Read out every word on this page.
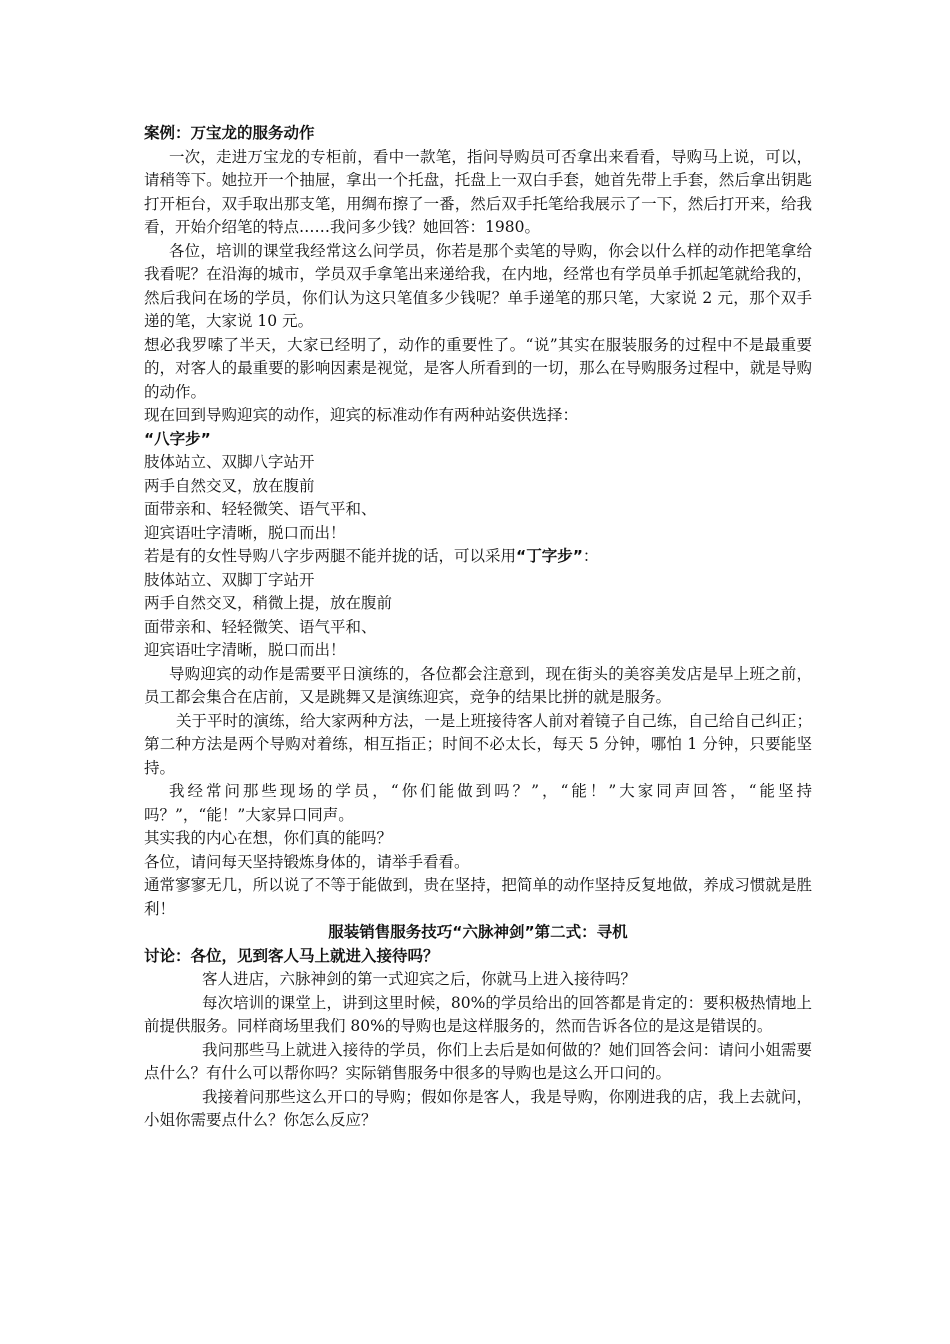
案例：万宝龙的服务动作

一次，走进万宝龙的专柜前，看中一款笔，指问导购员可否拿出来看看，导购马上说，可以，请稍等下。她拉开一个抽屉，拿出一个托盘，托盘上一双白手套，她首先带上手套，然后拿出钥匙打开柜台，双手取出那支笔，用绸布擦了一番，然后双手托笔给我展示了一下，然后打开来，给我看，开始介绍笔的特点……我问多少钱？她回答：1980。

各位，培训的课堂我经常这么问学员，你若是那个卖笔的导购，你会以什么样的动作把笔拿给我看呢？在沿海的城市，学员双手拿笔出来递给我，在内地，经常也有学员单手抓起笔就给我的，然后我问在场的学员，你们认为这只笔值多少钱呢？单手递笔的那只笔，大家说 2 元，那个双手递的笔，大家说 10 元。

想必我罗嗦了半天，大家已经明了，动作的重要性了。“说”其实在服装服务的过程中不是最重要的，对客人的最重要的影响因素是视觉，是客人所看到的一切，那么在导购服务过程中，就是导购的动作。

现在回到导购迎宾的动作，迎宾的标准动作有两种站姿供选择：

“八字步”

肢体站立、双脚八字站开

两手自然交叉，放在腹前

面带亲和、轻轻微笑、语气平和、

迎宾语吐字清晰，脱口而出！

若是有的女性导购八字步两腿不能并拢的话，可以采用“丁字步”：

肢体站立、双脚丁字站开

两手自然交叉，稍微上提，放在腹前

面带亲和、轻轻微笑、语气平和、

迎宾语吐字清晰，脱口而出！

导购迎宾的动作是需要平日演练的，各位都会注意到，现在街头的美容美发店是早上班之前，员工都会集合在店前，又是跳舞又是演练迎宾，竞争的结果比拼的就是服务。

关于平时的演练，给大家两种方法，一是上班接待客人前对着镜子自己练，自己给自己纠正；第二种方法是两个导购对着练，相互指正；时间不必太长，每天 5 分钟，哪怕 1 分钟，只要能坚持。

我经常问那些现场的学员，“你们能做到吗？”，“能！”大家同声回答，“能坚持吗？”，“能！”大家异口同声。

其实我的内心在想，你们真的能吗？

各位，请问每天坚持锻炼身体的，请举手看看。

通常寥寥无几，所以说了不等于能做到，贵在坚持，把简单的动作坚持反复地做，养成习惯就是胜利！

服装销售服务技巧“六脉神剑”第二式：寻机

讨论：各位，见到客人马上就进入接待吗？

客人进店，六脉神剑的第一式迎宾之后，你就马上进入接待吗？

每次培训的课堂上，讲到这里时候，80%的学员给出的回答都是肯定的：要积极热情地上前提供服务。同样商场里我们 80%的导购也是这样服务的，然而告诉各位的是这是错误的。

我问那些马上就进入接待的学员，你们上去后是如何做的？她们回答会问：请问小姐需要点什么？有什么可以帮你吗？实际销售服务中很多的导购也是这么开口问的。

我接着问那些这么开口的导购；假如你是客人，我是导购，你刚进我的店，我上去就问，小姐你需要点什么？你怎么反应？
